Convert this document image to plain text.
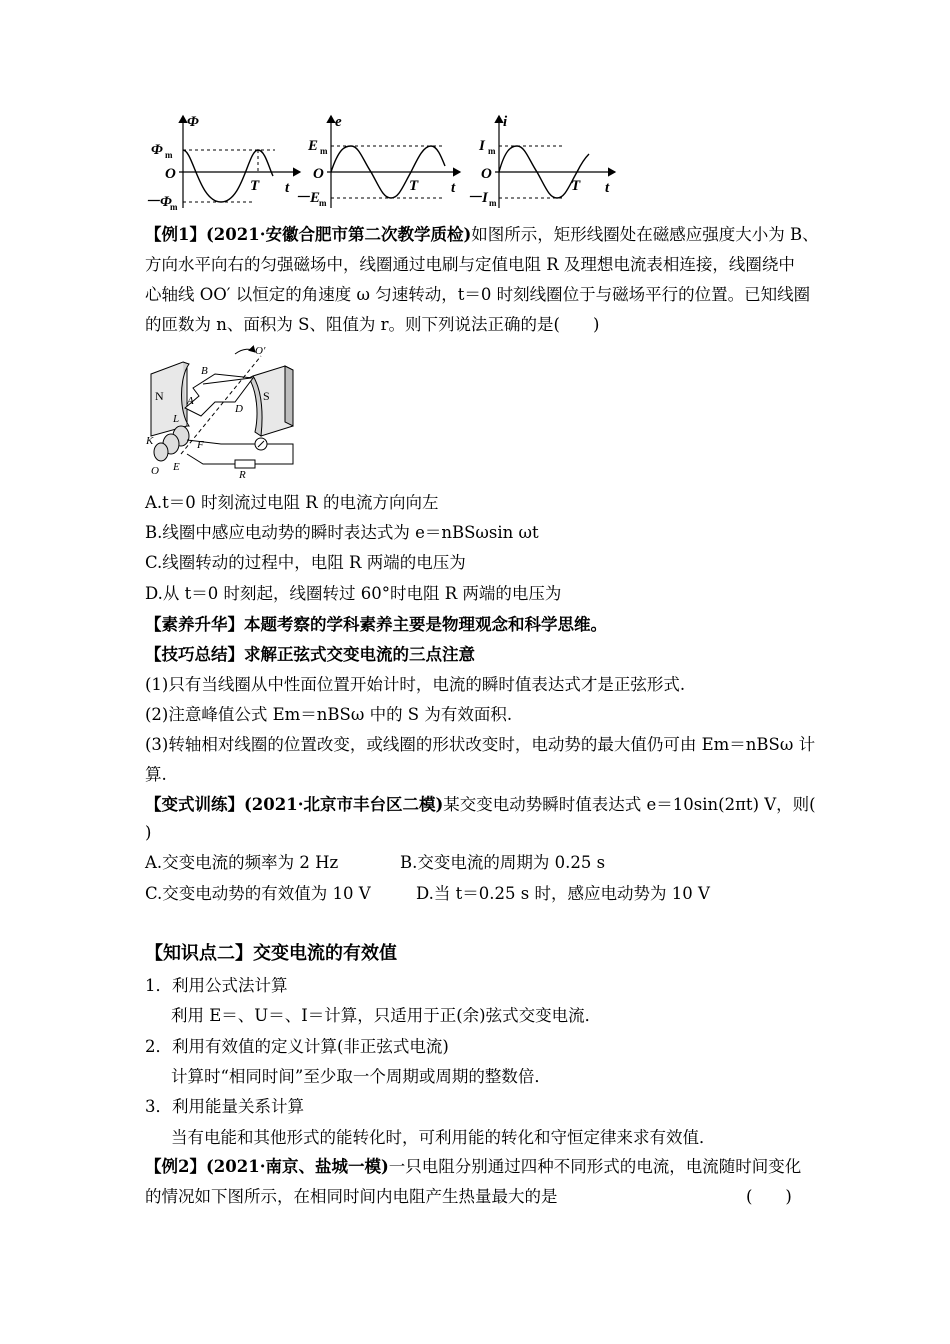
Φ
Φ m
O
－Φ
m
T t
e
E m
O
－E
m
T t
i
I m
O
－I m
T t
【例1】(2021·安徽合肥市第二次教学质检)如图所示，矩形线圈处在磁感应强度大小为 B、
方向水平向右的匀强磁场中，线圈通过电刷与定值电阻 R 及理想电流表相连接，线圈绕中
心轴线 OO′ 以恒定的角速度 ω 匀速转动，t＝0 时刻线圈位于与磁场平行的位置。已知线圈
的匝数为 n、面积为 S、阻值为 r。则下列说法正确的是(　　)
N	S
A
B
D
L
K	F
E
O
O′
R
A.t＝0 时刻流过电阻 R 的电流方向向左
B.线圈中感应电动势的瞬时表达式为 e＝nBSωsin ωt
C.线圈转动的过程中，电阻 R 两端的电压为
D.从 t＝0 时刻起，线圈转过 60°时电阻 R 两端的电压为
【素养升华】本题考察的学科素养主要是物理观念和科学思维。
【技巧总结】求解正弦式交变电流的三点注意
(1)只有当线圈从中性面位置开始计时，电流的瞬时值表达式才是正弦形式.
(2)注意峰值公式 Em＝nBSω 中的 S 为有效面积.
(3)转轴相对线圈的位置改变，或线圈的形状改变时，电动势的最大值仍可由 Em＝nBSω 计
算.
【变式训练】(2021·北京市丰台区二模)某交变电动势瞬时值表达式 e＝10sin(2πt) V，则(
)
A.交变电流的频率为 2 Hz	B.交变电流的周期为 0.25 s
C.交变电动势的有效值为 10 V	D.当 t＝0.25 s 时，感应电动势为 10 V
【知识点二】交变电流的有效值
1．利用公式法计算
利用 E＝、U＝、I＝计算，只适用于正(余)弦式交变电流．
2．利用有效值的定义计算(非正弦式电流)
计算时“相同时间”至少取一个周期或周期的整数倍．
3．利用能量关系计算
当有电能和其他形式的能转化时，可利用能的转化和守恒定律来求有效值．
【例2】(2021·南京、盐城一模)一只电阻分别通过四种不同形式的电流，电流随时间变化
的情况如下图所示，在相同时间内电阻产生热量最大的是	(　　)
